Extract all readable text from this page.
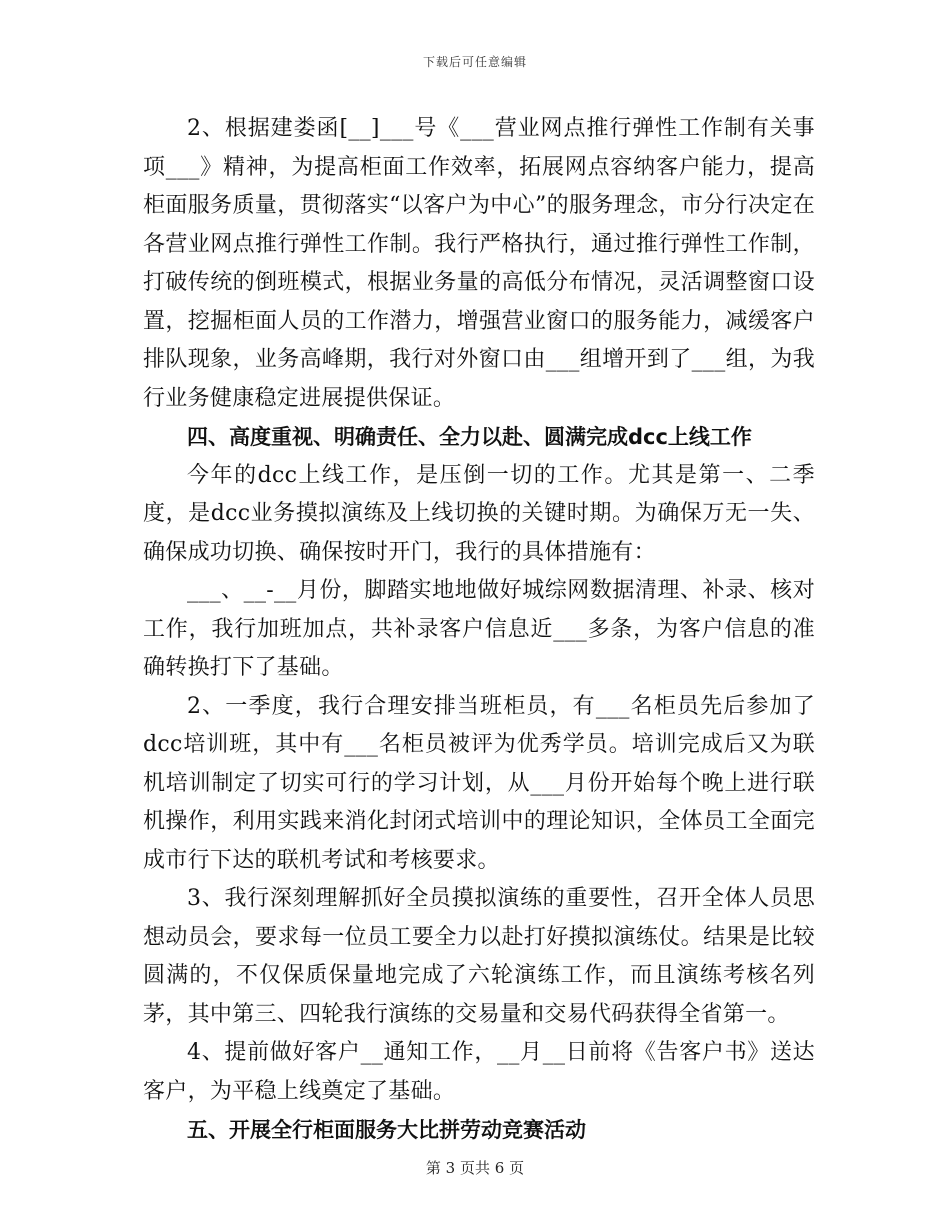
下载后可任意编辑

2、根据建娄函[__]___号《___营业网点推行弹性工作制有关事项___》精神，为提高柜面工作效率，拓展网点容纳客户能力，提高柜面服务质量，贯彻落实“以客户为中心”的服务理念，市分行决定在各营业网点推行弹性工作制。我行严格执行，通过推行弹性工作制，打破传统的倒班模式，根据业务量的高低分布情况，灵活调整窗口设置，挖掘柜面人员的工作潜力，增强营业窗口的服务能力，减缓客户排队现象，业务高峰期，我行对外窗口由___组增开到了___组，为我行业务健康稳定进展提供保证。

四、高度重视、明确责任、全力以赴、圆满完成dcc上线工作

今年的dcc上线工作，是压倒一切的工作。尤其是第一、二季度，是dcc业务摸拟演练及上线切换的关键时期。为确保万无一失、确保成功切换、确保按时开门，我行的具体措施有：

___、__-__月份，脚踏实地地做好城综网数据清理、补录、核对工作，我行加班加点，共补录客户信息近___多条，为客户信息的准确转换打下了基础。

2、一季度，我行合理安排当班柜员，有___名柜员先后参加了dcc培训班，其中有___名柜员被评为优秀学员。培训完成后又为联机培训制定了切实可行的学习计划，从___月份开始每个晚上进行联机操作，利用实践来消化封闭式培训中的理论知识，全体员工全面完成市行下达的联机考试和考核要求。

3、我行深刻理解抓好全员摸拟演练的重要性，召开全体人员思想动员会，要求每一位员工要全力以赴打好摸拟演练仗。结果是比较圆满的，不仅保质保量地完成了六轮演练工作，而且演练考核名列茅，其中第三、四轮我行演练的交易量和交易代码获得全省第一。

4、提前做好客户__通知工作，__月__日前将《告客户书》送达客户，为平稳上线奠定了基础。

五、开展全行柜面服务大比拼劳动竞赛活动

第 3 页共 6 页
